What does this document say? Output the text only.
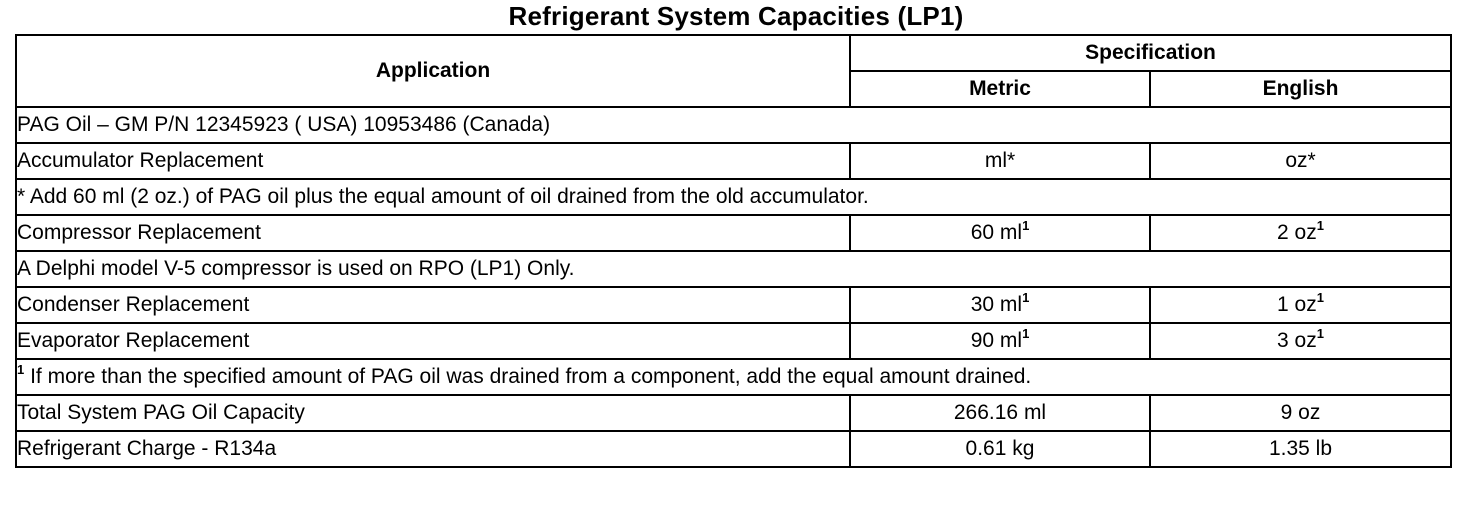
Refrigerant System Capacities (LP1)
Application	Specification	
	Metric	English
PAG Oil – GM P/N 12345923 ( USA) 10953486 (Canada)		
Accumulator Replacement	ml*	oz*
* Add 60 ml (2 oz.) of PAG oil plus the equal amount of oil drained from the old accumulator.		
Compressor Replacement	60 $ml^1$	2 $oz^1$
A Delphi model V-5 compressor is used on RPO (LP1) Only.		
Condenser Replacement	30 $ml^1$	1 $oz^1$
Evaporator Replacement	90 $ml^1$	3 $oz^1$
$^1$ If more than the specified amount of PAG oil was drained from a component, add the equal amount drained.		
Total System PAG Oil Capacity	266.16 ml	9 oz
Refrigerant Charge - R134a	0.61 kg	1.35 lb
